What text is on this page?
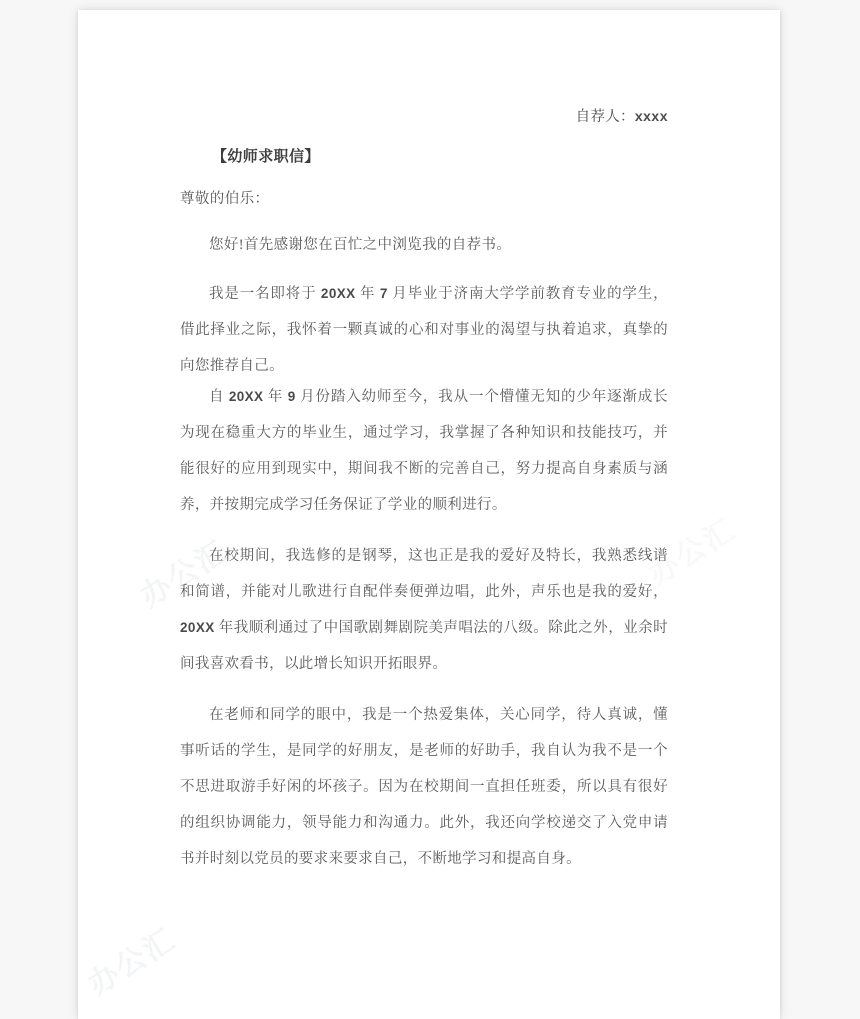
自荐人：xxxx
【幼师求职信】
尊敬的伯乐：

您好!首先感谢您在百忙之中浏览我的自荐书。

我是一名即将于 20XX 年 7 月毕业于济南大学学前教育专业的学生，借此择业之际，我怀着一颗真诚的心和对事业的渴望与执着追求，真挚的向您推荐自己。

自 20XX 年 9 月份踏入幼师至今，我从一个懵懂无知的少年逐渐成长为现在稳重大方的毕业生，通过学习，我掌握了各种知识和技能技巧，并能很好的应用到现实中，期间我不断的完善自己，努力提高自身素质与涵养，并按期完成学习任务保证了学业的顺利进行。

在校期间，我选修的是钢琴，这也正是我的爱好及特长，我熟悉线谱和简谱，并能对儿歌进行自配伴奏便弹边唱，此外，声乐也是我的爱好，20XX 年我顺利通过了中国歌剧舞剧院美声唱法的八级。除此之外，业余时间我喜欢看书，以此增长知识开拓眼界。

在老师和同学的眼中，我是一个热爱集体，关心同学，待人真诚，懂事听话的学生，是同学的好朋友，是老师的好助手，我自认为我不是一个不思进取游手好闲的坏孩子。因为在校期间一直担任班委，所以具有很好的组织协调能力，领导能力和沟通力。此外，我还向学校递交了入党申请书并时刻以党员的要求来要求自己，不断地学习和提高自身。

办公汇	办公汇
